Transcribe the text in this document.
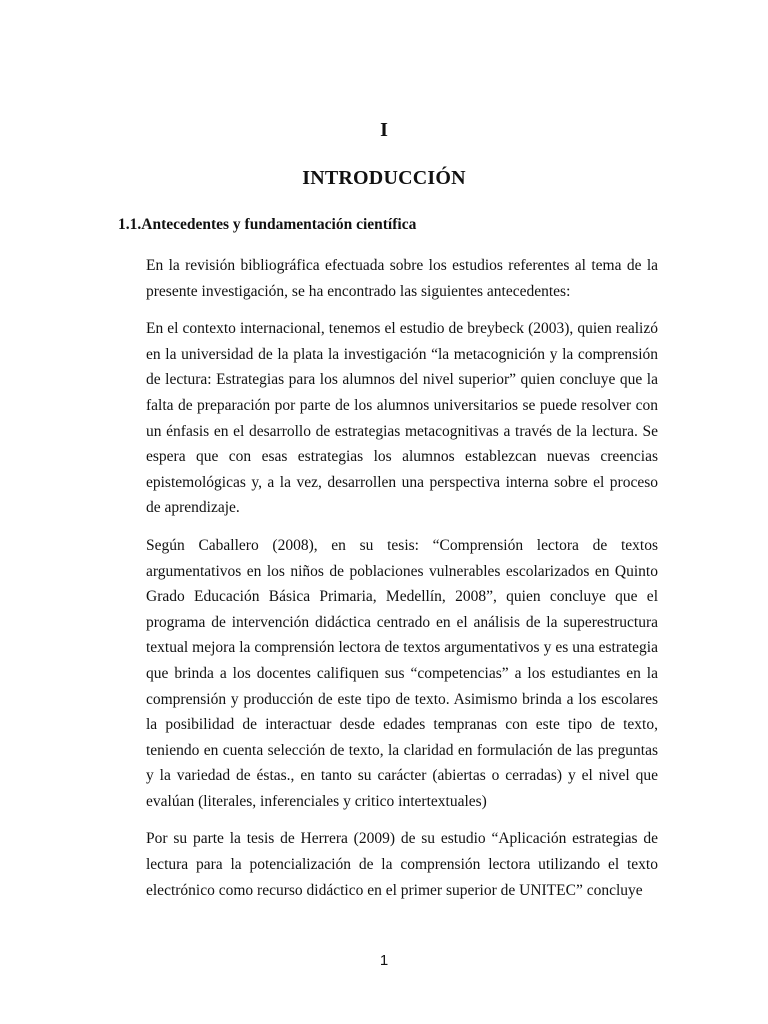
I
INTRODUCCIÓN
1.1.Antecedentes y fundamentación científica

En la revisión bibliográfica efectuada sobre los estudios referentes al tema de la presente investigación, se ha encontrado las siguientes antecedentes:

En el contexto internacional, tenemos el estudio de breybeck (2003), quien realizó en la universidad de la plata la investigación “la metacognición y la comprensión de lectura: Estrategias para los alumnos del nivel superior” quien concluye que la falta de preparación por parte de los alumnos universitarios se puede resolver con un énfasis en el desarrollo de estrategias metacognitivas a través de la lectura. Se espera que con esas estrategias los alumnos establezcan nuevas creencias epistemológicas y, a la vez, desarrollen una perspectiva interna sobre el proceso de aprendizaje.

Según Caballero (2008), en su tesis: “Comprensión lectora de textos argumentativos en los niños de poblaciones vulnerables escolarizados en Quinto Grado Educación Básica Primaria, Medellín, 2008”, quien concluye que el programa de intervención didáctica centrado en el análisis de la superestructura textual mejora la comprensión lectora de textos argumentativos y es una estrategia que brinda a los docentes califiquen sus “competencias” a los estudiantes en la comprensión y producción de este tipo de texto. Asimismo brinda a los escolares la posibilidad de interactuar desde edades tempranas con este tipo de texto, teniendo en cuenta selección de texto, la claridad en formulación de las preguntas y la variedad de éstas., en tanto su carácter (abiertas o cerradas) y el nivel que evalúan (literales, inferenciales y critico intertextuales)

Por su parte la tesis de Herrera (2009) de su estudio “Aplicación estrategias de lectura para la potencialización de la comprensión lectora utilizando el texto electrónico como recurso didáctico en el primer superior de UNITEC” concluye

1
